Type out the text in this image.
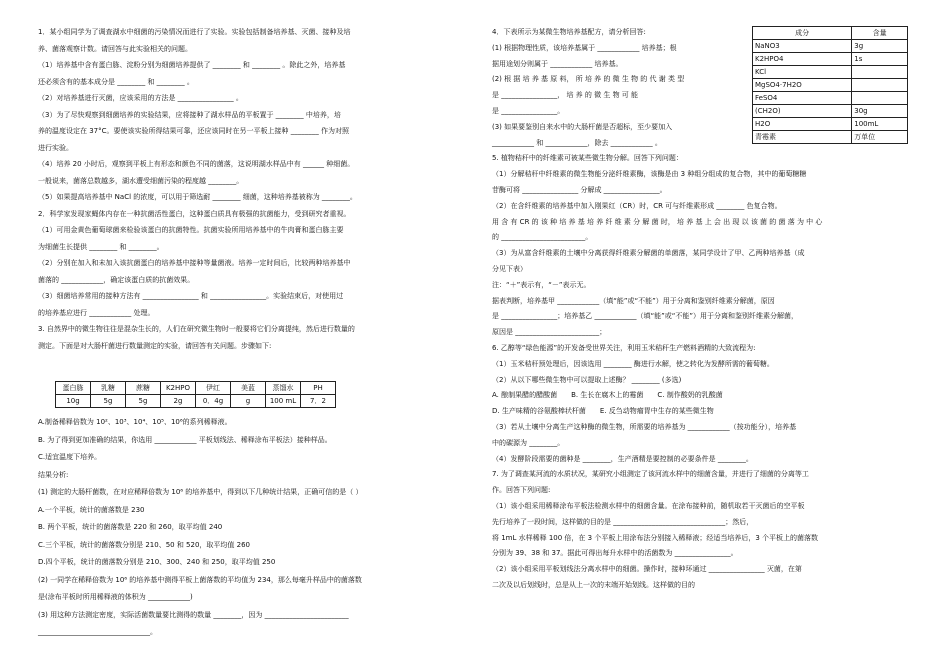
1．某小组同学为了调查湖水中细菌的污染情况而进行了实验。实验包括制备培养基、灭菌、接种及培
养、菌落观察计数。请回答与此实验相关的问题。
（1）培养基中含有蛋白胨、淀粉分别为细菌培养提供了 ________ 和 ________ 。除此之外，培养基
还必须含有的基本成分是 ________ 和 ________ 。
（2）对培养基进行灭菌，应该采用的方法是 ________________ 。
（3）为了尽快观察到细菌培养的实验结果，应将接种了湖水样品的平板置于 ________ 中培养，培
养的温度设定在 37°C。要使该实验所得结果可靠，还应该同时在另一平板上接种 ________ 作为对照
进行实验。
（4）培养 20 小时后，观察到平板上有形态和颜色不同的菌落，这说明湖水样品中有 ______ 种细菌。
一般说来，菌落总数越多，湖水遭受细菌污染的程度越 ________。
（5）如果提高培养基中 NaCl 的浓度，可以用于筛选耐 ________ 细菌，这种培养基被称为 ________。
2．科学家发现家蝇体内存在一种抗菌活性蛋白，这种蛋白质具有极强的抗菌能力，受到研究者重视。
（1）可用金黄色葡萄球菌来检验该蛋白的抗菌特性。抗菌实验所用培养基中的牛肉膏和蛋白胨主要
为细菌生长提供 ________ 和 ________。
（2）分别在加入和未加入该抗菌蛋白的培养基中接种等量菌液。培养一定时间后，比较两种培养基中
菌落的 ____________，确定该蛋白质的抗菌效果。
（3）细菌培养常用的接种方法有 ________________ 和 ________________。实验结束后，对使用过
的培养基应进行 ____________ 处理。
3. 自然界中的微生物往往是混杂生长的，人们在研究微生物时一般要将它们分离提纯，然后进行数量的
测定。下面是对大肠杆菌进行数量测定的实验，请回答有关问题。步骤如下:
蛋白胨	乳糖	蔗糖	K2HPO	伊红	美蓝	蒸馏水	PH
10g	5g	5g	2g	0．4g	g	100 mL	7．2
A.制备稀释倍数为 10²、10³、10⁴、10⁵、10⁶的系列稀释液。
B. 为了得到更加准确的结果，你选用 ____________ 平板划线法、稀释涂布平板法）接种样品。
C.适宜温度下培养。
结果分析:
(1) 测定的大肠杆菌数，在对应稀释倍数为 10⁶ 的培养基中，得到以下几种统计结果，正确可信的是（ ）
A.一个平板，统计的菌落数是 230
B. 两个平板，统计的菌落数是 220 和 260，取平均值 240
C.三个平板，统计的菌落数分别是 210、50 和 520，取平均值 260
D.四个平板，统计的菌落数分别是 210、300、240 和 250，取平均值 250
(2) 一同学在稀释倍数为 10⁶ 的培养基中测得平板上菌落数的平均值为 234，那么每毫升样品中的菌落数
是(涂布平板时所用稀释液的体积为 ____________)
(3) 用这种方法测定密度，实际活菌数量要比测得的数量 ________，因为 ________________________
________________________________。
4．下表所示为某微生物培养基配方，请分析回答:
(1) 根据物理性质，该培养基属于 ____________ 培养基；根
据用途划分则属于 ____________ 培养基。
(2) 根 据 培 养 基 原 料， 所 培 养 的 微 生 物 的 代 谢 类 型
是 ________________， 培 养 的 微 生 物 可 能
是 ________________。
(3) 如果要鉴别自来水中的大肠杆菌是否超标，至少要加入
____________ 和 ____________，除去 ____________ 。
5. 植物秸秆中的纤维素可被某些微生物分解。回答下列问题：
（1）分解秸秆中纤维素的微生物能分泌纤维素酶，该酶是由 3 种组分组成的复合物，其中的葡萄糖糖
苷酶可将 ________________ 分解成 ________________。
（2）在含纤维素的培养基中加入刚果红（CR）时，CR 可与纤维素形成 ________ 色复合物。
用 含 有 CR 的 该 种 培 养 基 培 养 纤 维 素 分 解 菌 时， 培 养 基 上 会 出 现 以 该 菌 的 菌 落 为 中 心
的 ________________________。
（3）为从富含纤维素的土壤中分离获得纤维素分解菌的单菌落，某同学设计了甲、乙两种培养基（成
分见下表）
注：“＋”表示有，“－”表示无。
据表判断，培养基甲 ____________（填“能”或“不能”）用于分离和鉴别纤维素分解菌，原因
是 ________________；培养基乙 ____________（填“能”或“不能”）用于分离和鉴别纤维素分解菌，
原因是 ________________________；
6. 乙醇等“绿色能源”的开发备受世界关注，利用玉米秸秆生产燃料酒精的大致流程为:
（1）玉米秸秆预处理后，因该选用 ________ 酶进行水解，使之转化为发酵所需的葡萄糖。
（2）从以下哪些微生物中可以提取上述酶？ ________ (多选)
A. 酿制果醋的醋酸菌　　B. 生长在腐木上的霉菌　　C. 制作酸奶的乳酸菌
D. 生产味精的谷氨酸棒状杆菌　　E. 反刍动物瘤胃中生存的某些微生物
（3）若从土壤中分离生产这种酶的微生物，所需要的培养基为 ____________（按功能分），培养基
中的碳源为 ________。
（4）发酵阶段需要的菌种是 ________，生产酒精是要控制的必要条件是 ________。
7. 为了调查某河流的水质状况，某研究小组测定了该河流水样中的细菌含量，并进行了细菌的分离等工
作。回答下列问题:
（1）该小组采用稀释涂布平板法检测水样中的细菌含量。在涂布接种前，随机取若干灭菌后的空平板
先行培养了一段时间，这样做的目的是 ________________________________；然后，
将 1mL 水样稀释 100 倍，在 3 个平板上用涂布法分别接入稀释液；经适当培养后，3 个平板上的菌落数
分别为 39、38 和 37。据此可得出每升水样中的活菌数为 ________________。
（2）该小组采用平板划线法分离水样中的细菌。操作时，接种环通过 ________________ 灭菌，在第
二次及以后划线时，总是从上一次的末端开始划线。这样做的目的
成分	含量
NaNO3	3g
K2HPO4	1s
KCl	
MgSO4·7H2O	
FeSO4	
(CH2O)	30g
H2O	100mL
青霉素	万单位
